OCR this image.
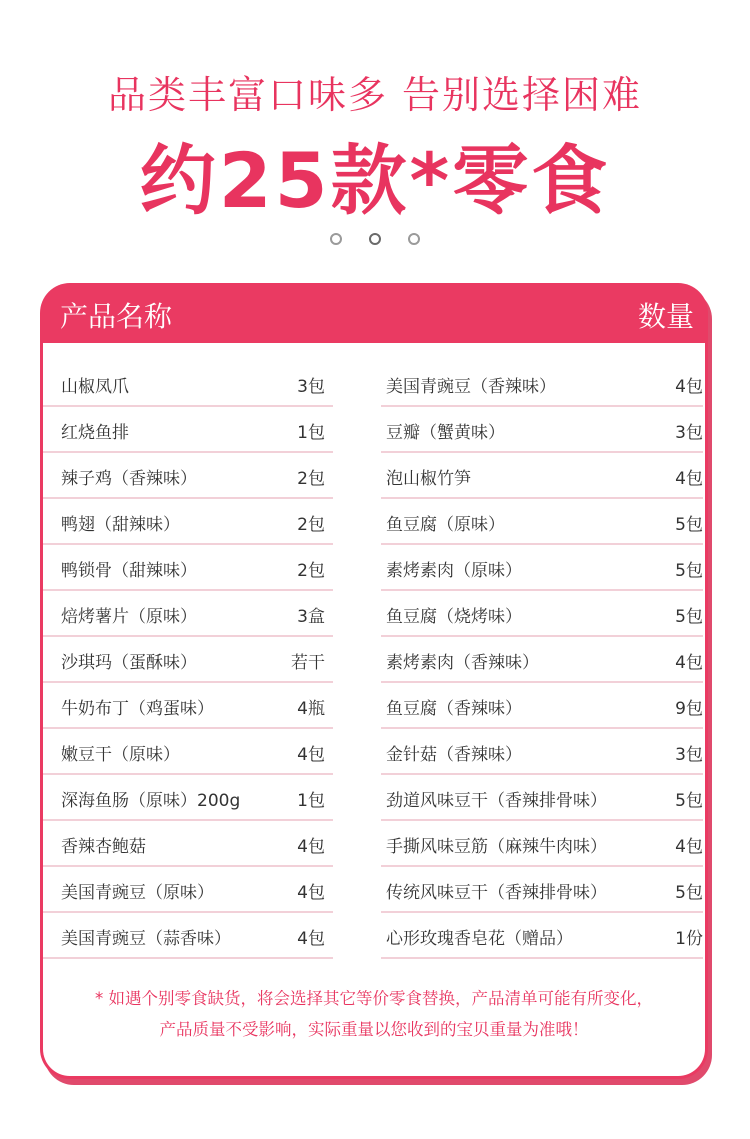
品类丰富口味多 告别选择困难
约25款*零食

产品名称	数量
山椒凤爪	3包
红烧鱼排	1包
辣子鸡（香辣味）	2包
鸭翅（甜辣味）	2包
鸭锁骨（甜辣味）	2包
焙烤薯片（原味）	3盒
沙琪玛（蛋酥味）	若干
牛奶布丁（鸡蛋味）	4瓶
嫩豆干（原味）	4包
深海鱼肠（原味）200g	1包
香辣杏鲍菇	4包
美国青豌豆（原味）	4包
美国青豌豆（蒜香味）	4包
美国青豌豆（香辣味）	4包
豆瓣（蟹黄味）	3包
泡山椒竹笋	4包
鱼豆腐（原味）	5包
素烤素肉（原味）	5包
鱼豆腐（烧烤味）	5包
素烤素肉（香辣味）	4包
鱼豆腐（香辣味）	9包
金针菇（香辣味）	3包
劲道风味豆干（香辣排骨味）	5包
手撕风味豆筋（麻辣牛肉味）	4包
传统风味豆干（香辣排骨味）	5包
心形玫瑰香皂花（赠品）	1份
* 如遇个别零食缺货，将会选择其它等价零食替换，产品清单可能有所变化，
产品质量不受影响，实际重量以您收到的宝贝重量为准哦！
